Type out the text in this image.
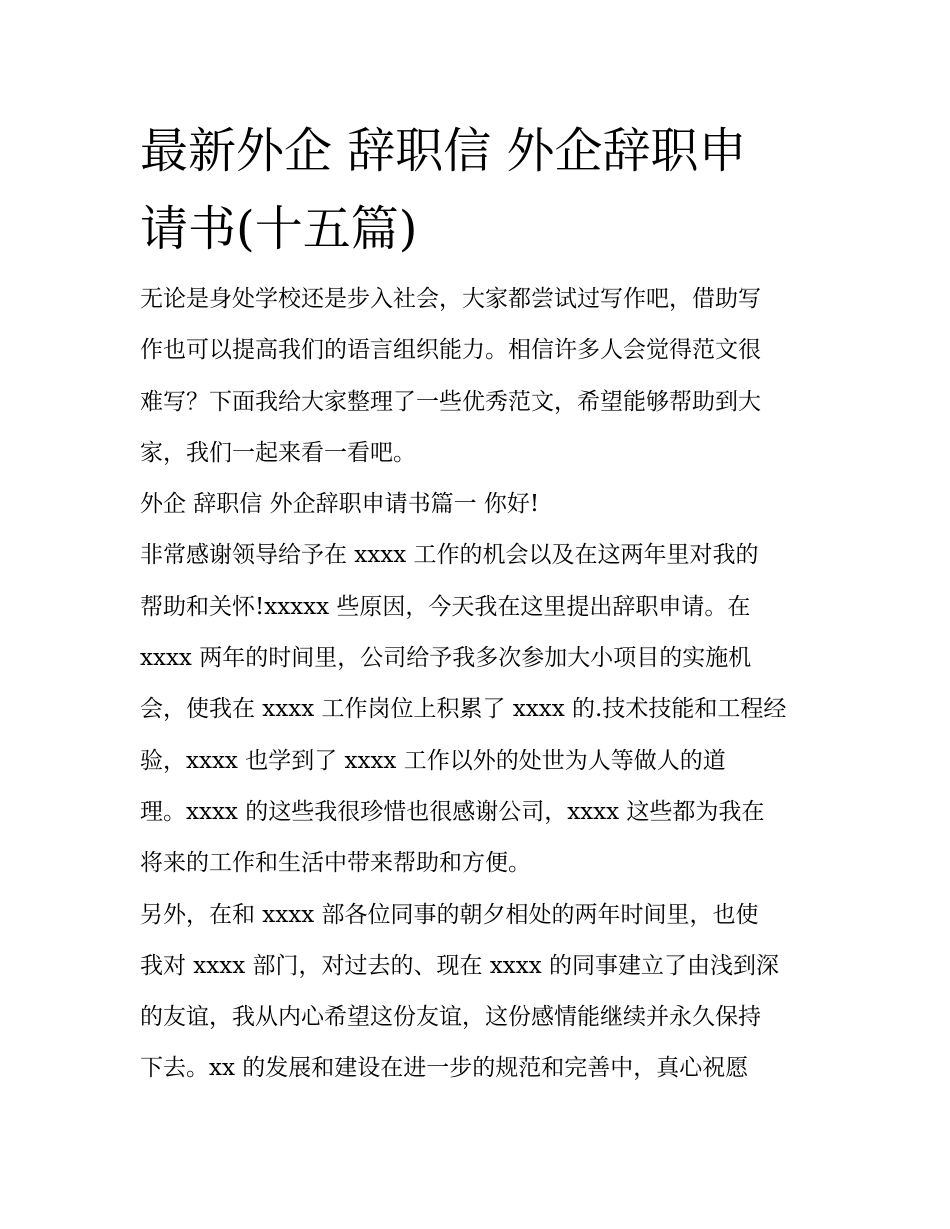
最新外企 辞职信 外企辞职申
请书(十五篇)

无论是身处学校还是步入社会，大家都尝试过写作吧，借助写
作也可以提高我们的语言组织能力。相信许多人会觉得范文很
难写？下面我给大家整理了一些优秀范文，希望能够帮助到大
家，我们一起来看一看吧。

外企 辞职信 外企辞职申请书篇一 你好!

非常感谢领导给予在 xxxx 工作的机会以及在这两年里对我的
帮助和关怀!xxxxx 些原因，今天我在这里提出辞职申请。在
xxxx 两年的时间里，公司给予我多次参加大小项目的实施机
会，使我在 xxxx 工作岗位上积累了 xxxx 的.技术技能和工程经
验，xxxx 也学到了 xxxx 工作以外的处世为人等做人的道
理。xxxx 的这些我很珍惜也很感谢公司，xxxx 这些都为我在
将来的工作和生活中带来帮助和方便。

另外，在和 xxxx 部各位同事的朝夕相处的两年时间里，也使
我对 xxxx 部门，对过去的、现在 xxxx 的同事建立了由浅到深
的友谊，我从内心希望这份友谊，这份感情能继续并永久保持
下去。xx 的发展和建设在进一步的规范和完善中，真心祝愿
